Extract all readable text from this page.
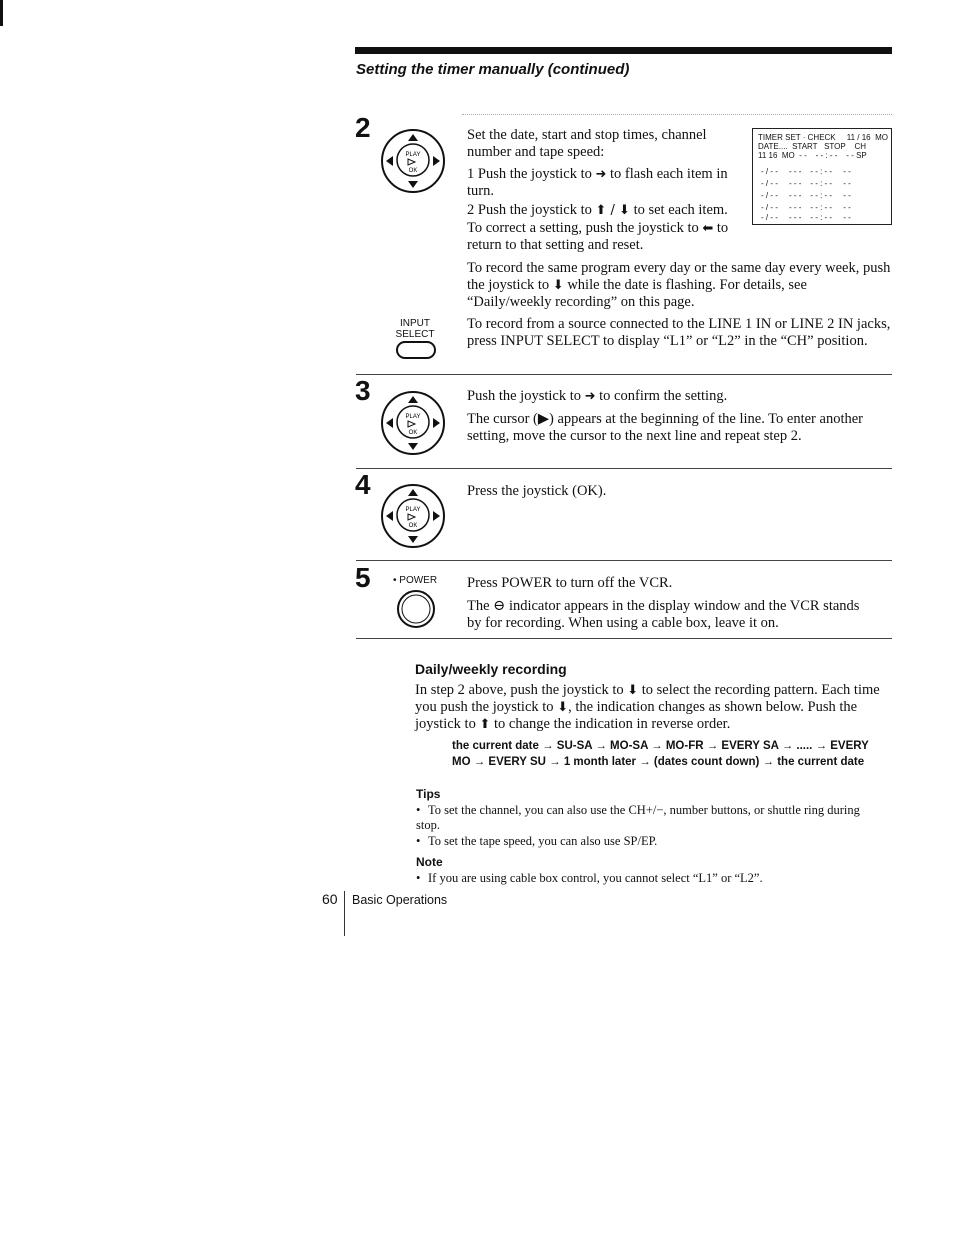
Setting the timer manually (continued)
2
PLAY
OK
Set the date, start and stop times, channel number and tape speed:
1 Push the joystick to ➜ to flash each item in turn.
2 Push the joystick to ⬆ / ⬇ to set each item.
To correct a setting, push the joystick to ⬅ to return to that setting and reset.
TIMER SET · CHECK     11 / 16  MO
DATE....  START   STOP    CH
11 16  MO  - -    - - : - -    - - SP
- / - -     - - -    - - : - -     - -
- / - -     - - -    - - : - -     - -
- / - -     - - -    - - : - -     - -
- / - -     - - -    - - : - -     - -
- / - -     - - -    - - : - -     - -
To record the same program every day or the same day every week, push the joystick to ⬇ while the date is flashing. For details, see “Daily/weekly recording” on this page.
INPUT
SELECT
To record from a source connected to the LINE 1 IN or LINE 2 IN jacks, press INPUT SELECT to display “L1” or “L2” in the “CH” position.
3
PLAY
OK
Push the joystick to ➜ to confirm the setting.
The cursor (▶) appears at the beginning of the line. To enter another setting, move the cursor to the next line and repeat step 2.
4
PLAY
OK
Press the joystick (OK).
5 • POWER Press POWER to turn off the VCR.
The ⊖ indicator appears in the display window and the VCR stands by for recording. When using a cable box, leave it on.
Daily/weekly recording
In step 2 above, push the joystick to ⬇ to select the recording pattern. Each time you push the joystick to ⬇, the indication changes as shown below. Push the joystick to ⬆ to change the indication in reverse order.
the current date → SU-SA → MO-SA → MO-FR → EVERY SA → ..... → EVERY MO → EVERY SU → 1 month later → (dates count down) → the current date
Tips
• To set the channel, you can also use the CH+/−, number buttons, or shuttle ring during stop.
• To set the tape speed, you can also use SP/EP.
Note
• If you are using cable box control, you cannot select “L1” or “L2”.
60 Basic Operations
